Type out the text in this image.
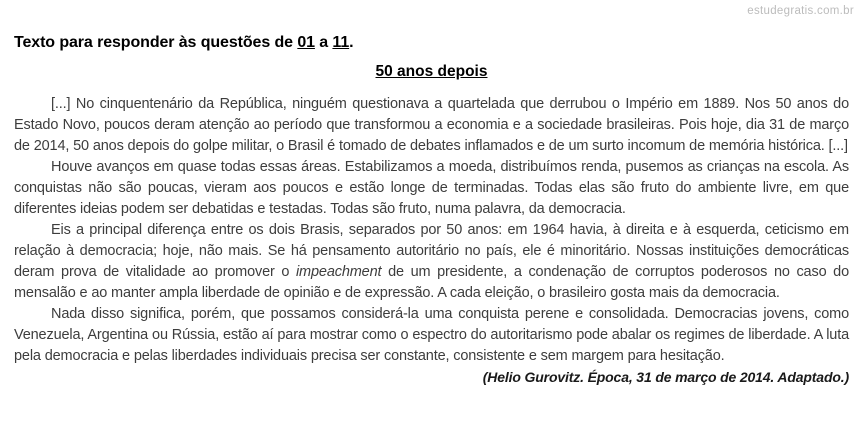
estudegratis.com.br

Texto para responder às questões de 01 a 11.

50 anos depois

[...] No cinquentenário da República, ninguém questionava a quartelada que derrubou o Império em 1889. Nos 50 anos do Estado Novo, poucos deram atenção ao período que transformou a economia e a sociedade brasileiras. Pois hoje, dia 31 de março de 2014, 50 anos depois do golpe militar, o Brasil é tomado de debates inflamados e de um surto incomum de memória histórica. [...]

Houve avanços em quase todas essas áreas. Estabilizamos a moeda, distribuímos renda, pusemos as crianças na escola. As conquistas não são poucas, vieram aos poucos e estão longe de terminadas. Todas elas são fruto do ambiente livre, em que diferentes ideias podem ser debatidas e testadas. Todas são fruto, numa palavra, da democracia.

Eis a principal diferença entre os dois Brasis, separados por 50 anos: em 1964 havia, à direita e à esquerda, ceticismo em relação à democracia; hoje, não mais. Se há pensamento autoritário no país, ele é minoritário. Nossas instituições democráticas deram prova de vitalidade ao promover o impeachment de um presidente, a condenação de corruptos poderosos no caso do mensalão e ao manter ampla liberdade de opinião e de expressão. A cada eleição, o brasileiro gosta mais da democracia.

Nada disso significa, porém, que possamos considerá-la uma conquista perene e consolidada. Democracias jovens, como Venezuela, Argentina ou Rússia, estão aí para mostrar como o espectro do autoritarismo pode abalar os regimes de liberdade. A luta pela democracia e pelas liberdades individuais precisa ser constante, consistente e sem margem para hesitação.
(Helio Gurovitz. Época, 31 de março de 2014. Adaptado.)
